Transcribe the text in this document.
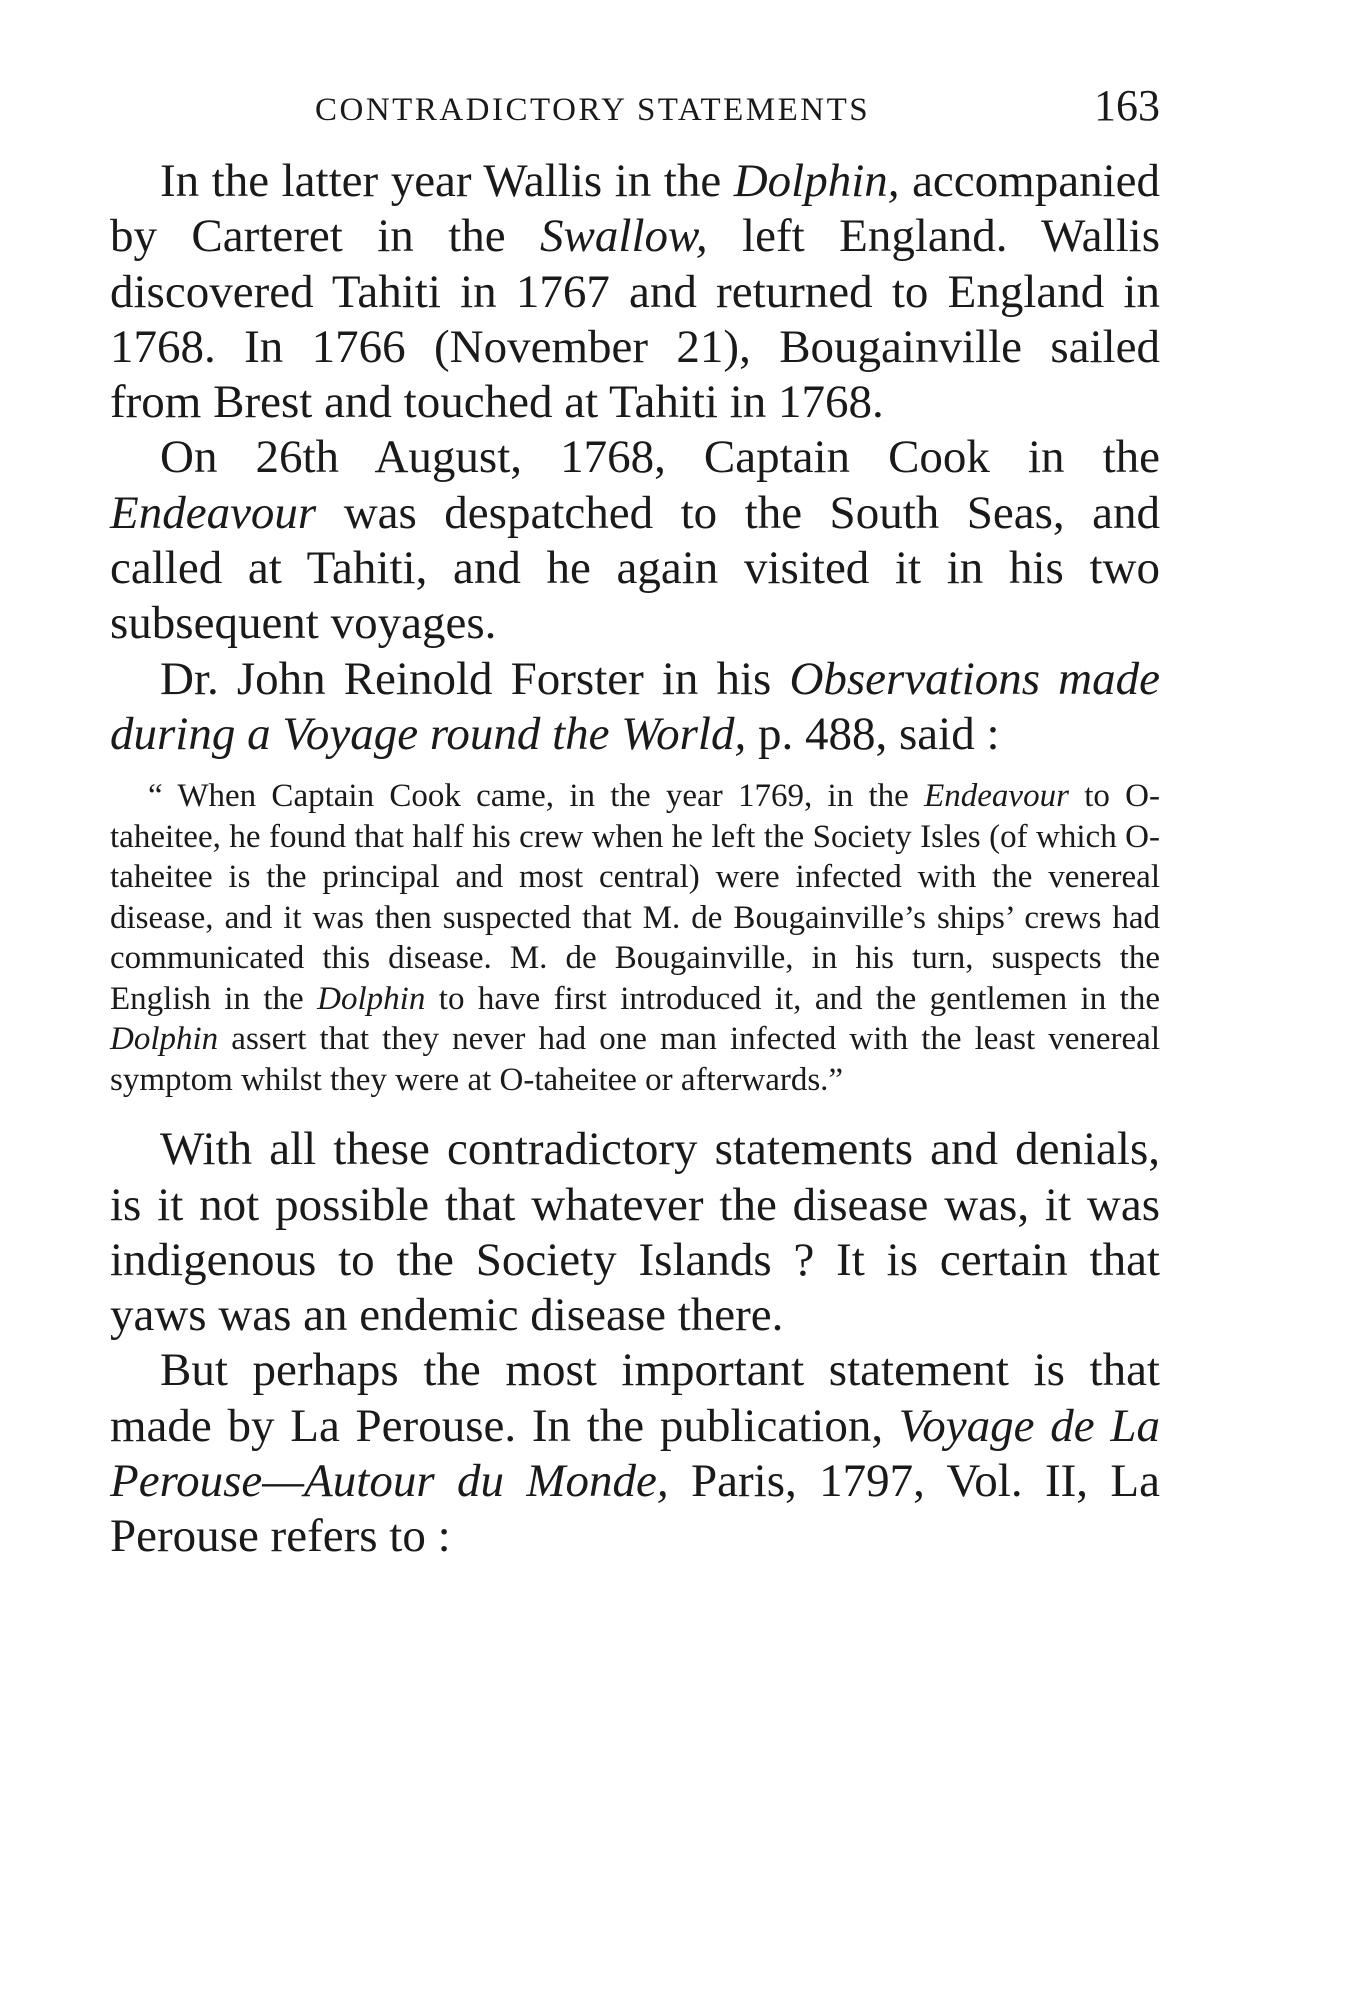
CONTRADICTORY STATEMENTS	163

In the latter year Wallis in the Dolphin, accompanied by Carteret in the Swallow, left England. Wallis discovered Tahiti in 1767 and returned to England in 1768. In 1766 (November 21), Bougainville sailed from Brest and touched at Tahiti in 1768.

On 26th August, 1768, Captain Cook in the Endeavour was despatched to the South Seas, and called at Tahiti, and he again visited it in his two subsequent voyages.

Dr. John Reinold Forster in his Observations made during a Voyage round the World, p. 488, said :

“ When Captain Cook came, in the year 1769, in the Endeavour to O-taheitee, he found that half his crew when he left the Society Isles (of which O-taheitee is the principal and most central) were infected with the venereal disease, and it was then suspected that M. de Bougainville’s ships’ crews had communicated this disease. M. de Bougainville, in his turn, suspects the English in the Dolphin to have first introduced it, and the gentlemen in the Dolphin assert that they never had one man infected with the least venereal symptom whilst they were at O-taheitee or afterwards.”

With all these contradictory statements and denials, is it not possible that whatever the disease was, it was indigenous to the Society Islands ? It is certain that yaws was an endemic disease there.

But perhaps the most important statement is that made by La Perouse. In the publication, Voyage de La Perouse—Autour du Monde, Paris, 1797, Vol. II, La Perouse refers to :
